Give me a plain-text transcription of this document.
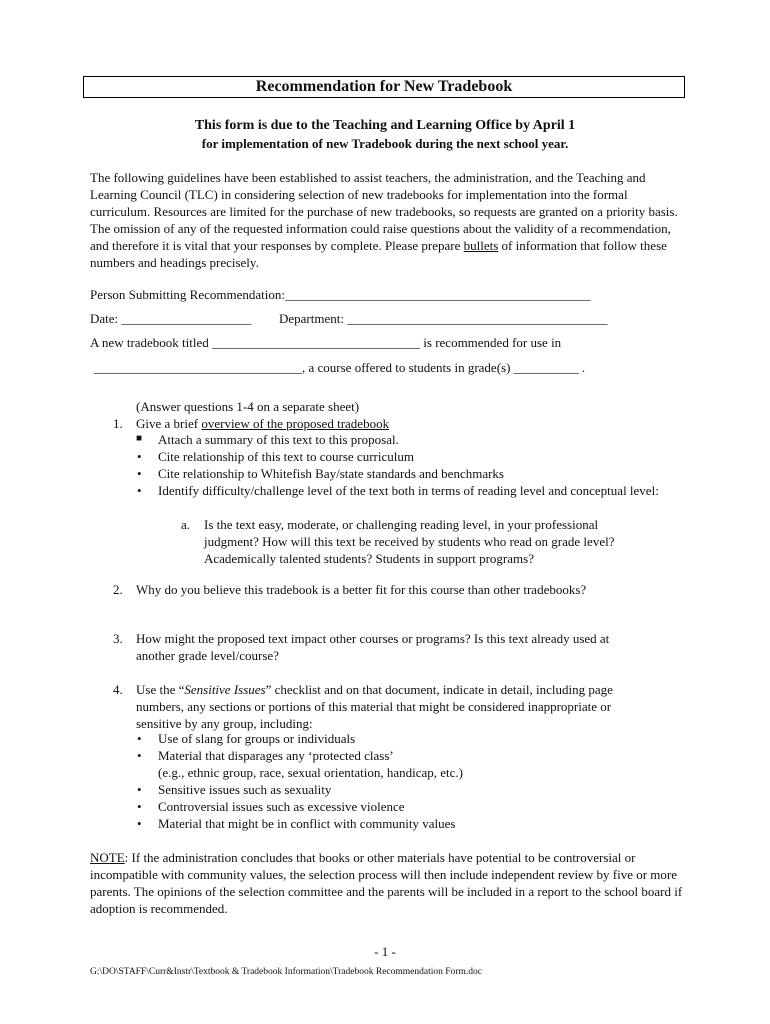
Recommendation for New Tradebook
This form is due to the Teaching and Learning Office by April 1
for implementation of new Tradebook during the next school year.
The following guidelines have been established to assist teachers, the administration, and the Teaching and Learning Council (TLC) in considering selection of new tradebooks for implementation into the formal curriculum. Resources are limited for the purchase of new tradebooks, so requests are granted on a priority basis. The omission of any of the requested information could raise questions about the validity of a recommendation, and therefore it is vital that your responses by complete. Please prepare bullets of information that follow these numbers and headings precisely.
Person Submitting Recommendation:_______________________________________________
Date: ____________________ Department: ________________________________________
A new tradebook titled ________________________________ is recommended for use in
________________________________, a course offered to students in grade(s) __________ .
(Answer questions 1-4 on a separate sheet)
1. Give a brief overview of the proposed tradebook
■ Attach a summary of this text to this proposal.
• Cite relationship of this text to course curriculum
• Cite relationship to Whitefish Bay/state standards and benchmarks
• Identify difficulty/challenge level of the text both in terms of reading level and conceptual level:
a. Is the text easy, moderate, or challenging reading level, in your professional judgment? How will this text be received by students who read on grade level? Academically talented students? Students in support programs?
2. Why do you believe this tradebook is a better fit for this course than other tradebooks?
3. How might the proposed text impact other courses or programs? Is this text already used at another grade level/course?
4. Use the “Sensitive Issues” checklist and on that document, indicate in detail, including page numbers, any sections or portions of this material that might be considered inappropriate or sensitive by any group, including:
• Use of slang for groups or individuals
• Material that disparages any ‘protected class’
(e.g., ethnic group, race, sexual orientation, handicap, etc.)
• Sensitive issues such as sexuality
• Controversial issues such as excessive violence
• Material that might be in conflict with community values
NOTE: If the administration concludes that books or other materials have potential to be controversial or incompatible with community values, the selection process will then include independent review by five or more parents. The opinions of the selection committee and the parents will be included in a report to the school board if adoption is recommended.
- 1 -
G:\DO\STAFF\Curr&Instr\Textbook & Tradebook Information\Tradebook Recommendation Form.doc
